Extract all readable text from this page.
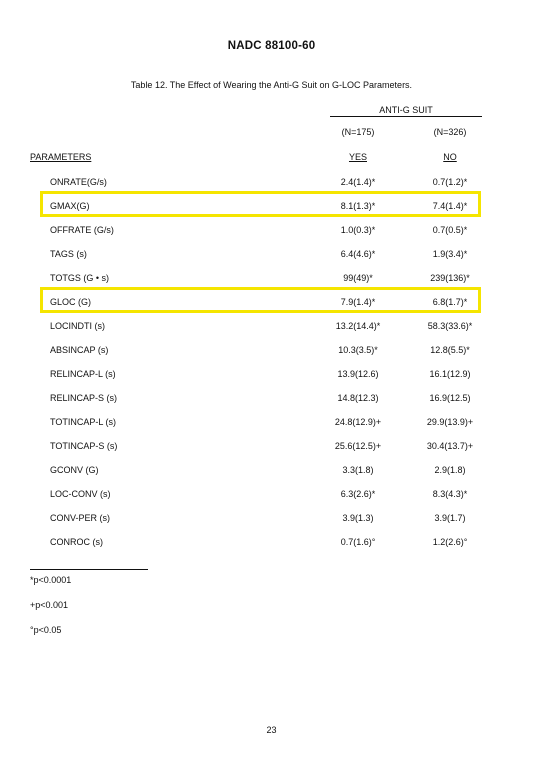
NADC 88100-60
Table 12. The Effect of Wearing the Anti-G Suit on G-LOC Parameters.
ANTI-G SUIT
(N=175)	(N=326)
PARAMETERS	YES	NO
ONRATE(G/s)	2.4(1.4)*	0.7(1.2)*
GMAX(G)	8.1(1.3)*	7.4(1.4)*
OFFRATE (G/s)	1.0(0.3)*	0.7(0.5)*
TAGS (s)	6.4(4.6)*	1.9(3.4)*
TOTGS (G • s)	99(49)*	239(136)*
GLOC (G)	7.9(1.4)*	6.8(1.7)*
LOCINDTI (s)	13.2(14.4)*	58.3(33.6)*
ABSINCAP (s)	10.3(3.5)*	12.8(5.5)*
RELINCAP-L (s)	13.9(12.6)	16.1(12.9)
RELINCAP-S (s)	14.8(12.3)	16.9(12.5)
TOTINCAP-L (s)	24.8(12.9)+	29.9(13.9)+
TOTINCAP-S (s)	25.6(12.5)+	30.4(13.7)+
GCONV (G)	3.3(1.8)	2.9(1.8)
LOC-CONV (s)	6.3(2.6)*	8.3(4.3)*
CONV-PER (s)	3.9(1.3)	3.9(1.7)
CONROC (s)	0.7(1.6)°	1.2(2.6)°
*p<0.0001
+p<0.001
°p<0.05
23
